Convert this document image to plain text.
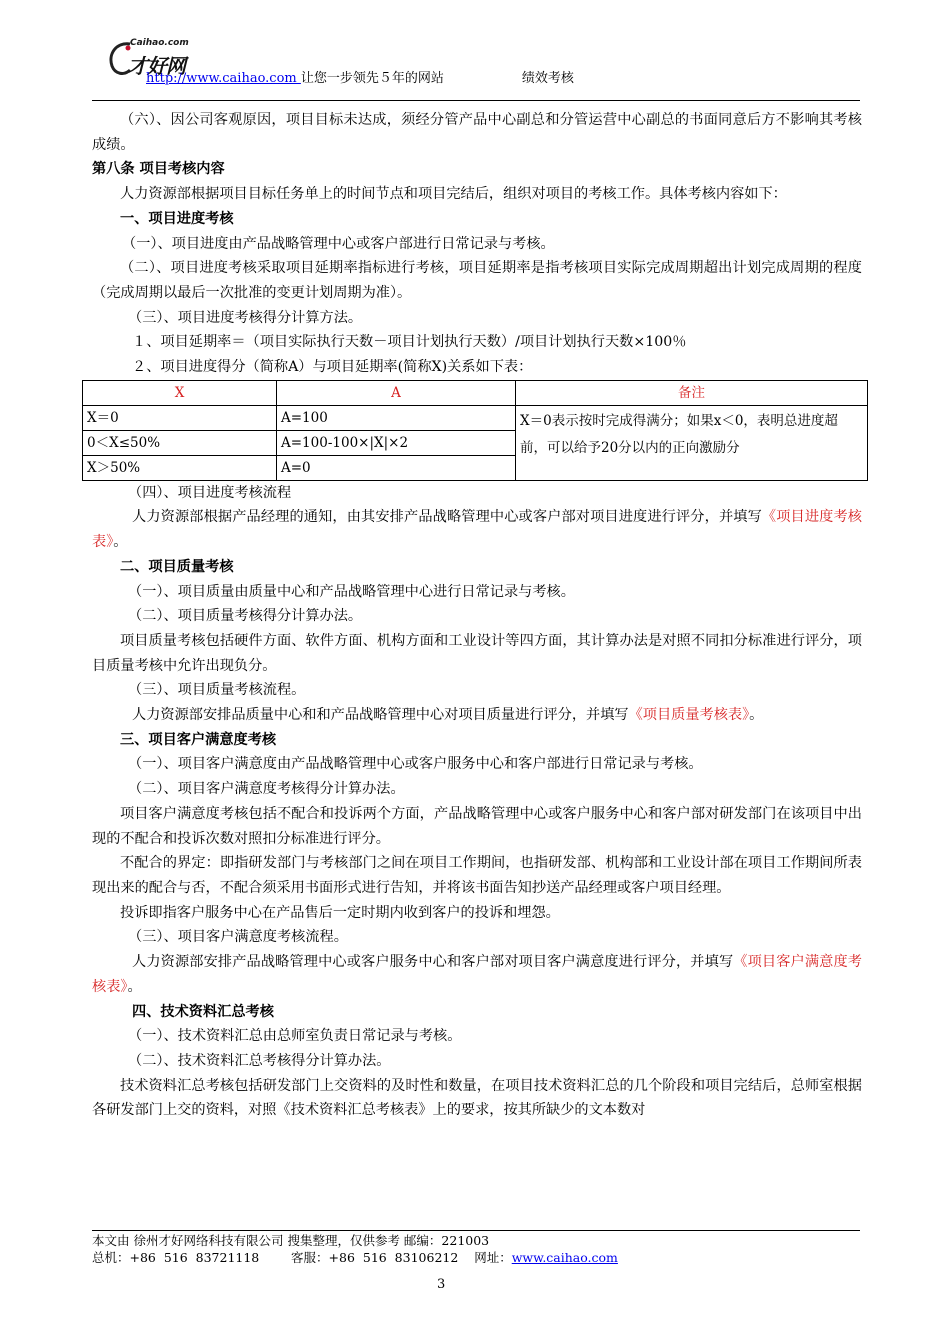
Caihao.com
才好网
http://www.caihao.com 让您一步领先５年的网站	绩效考核

（六）、因公司客观原因，项目目标未达成，须经分管产品中心副总和分管运营中心副总的书面同意后方不影响其考核成绩。

第八条 项目考核内容

人力资源部根据项目目标任务单上的时间节点和项目完结后，组织对项目的考核工作。具体考核内容如下：

一、项目进度考核

（一）、项目进度由产品战略管理中心或客户部进行日常记录与考核。

（二）、项目进度考核采取项目延期率指标进行考核，项目延期率是指考核项目实际完成周期超出计划完成周期的程度（完成周期以最后一次批准的变更计划周期为准）。

（三）、项目进度考核得分计算方法。

１、项目延期率＝（项目实际执行天数－项目计划执行天数）/项目计划执行天数×100％

２、项目进度得分（简称A）与项目延期率(简称X)关系如下表：

X	A	备注
X＝0	A=100	X＝0表示按时完成得满分；如果x＜0，表明总进度超前，可以给予20分以内的正向激励分
0＜X≤50%	A=100-100×|X|×2	
X＞50%	A=0	

（四）、项目进度考核流程

人力资源部根据产品经理的通知，由其安排产品战略管理中心或客户部对项目进度进行评分，并填写《项目进度考核表》。

二、项目质量考核

（一）、项目质量由质量中心和产品战略管理中心进行日常记录与考核。

（二）、项目质量考核得分计算办法。

项目质量考核包括硬件方面、软件方面、机构方面和工业设计等四方面，其计算办法是对照不同扣分标准进行评分，项目质量考核中允许出现负分。

（三）、项目质量考核流程。

人力资源部安排品质量中心和和产品战略管理中心对项目质量进行评分，并填写《项目质量考核表》。

三、项目客户满意度考核

（一）、项目客户满意度由产品战略管理中心或客户服务中心和客户部进行日常记录与考核。

（二）、项目客户满意度考核得分计算办法。

项目客户满意度考核包括不配合和投诉两个方面，产品战略管理中心或客户服务中心和客户部对研发部门在该项目中出现的不配合和投诉次数对照扣分标准进行评分。

不配合的界定：即指研发部门与考核部门之间在项目工作期间，也指研发部、机构部和工业设计部在项目工作期间所表现出来的配合与否，不配合须采用书面形式进行告知，并将该书面告知抄送产品经理或客户项目经理。

投诉即指客户服务中心在产品售后一定时期内收到客户的投诉和埋怨。

（三）、项目客户满意度考核流程。

人力资源部安排产品战略管理中心或客户服务中心和客户部对项目客户满意度进行评分，并填写《项目客户满意度考核表》。

四、技术资料汇总考核

（一）、技术资料汇总由总师室负责日常记录与考核。

（二）、技术资料汇总考核得分计算办法。

技术资料汇总考核包括研发部门上交资料的及时性和数量，在项目技术资料汇总的几个阶段和项目完结后，总师室根据各研发部门上交的资料，对照《技术资料汇总考核表》上的要求，按其所缺少的文本数对

本文由 徐州才好网络科技有限公司 搜集整理，仅供参考 邮编：221003
总机：+86  516  83721118        客服：+86  516  83106212    网址：www.caihao.com
3
